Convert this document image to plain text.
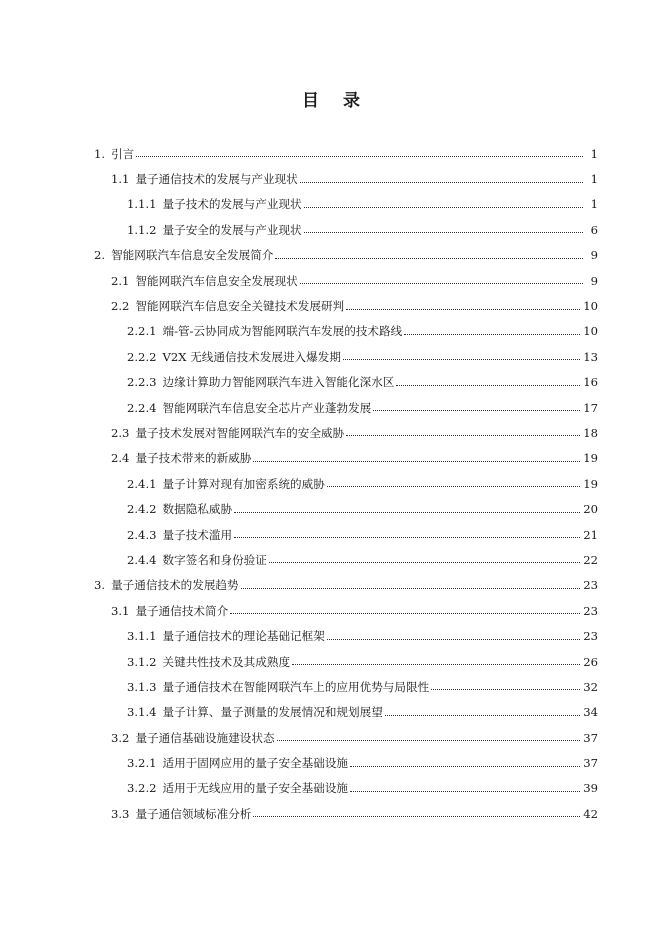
目 录
1. 引言	1
1.1 量子通信技术的发展与产业现状	1
1.1.1 量子技术的发展与产业现状	1
1.1.2 量子安全的发展与产业现状	6
2. 智能网联汽车信息安全发展简介	9
2.1 智能网联汽车信息安全发展现状	9
2.2 智能网联汽车信息安全关键技术发展研判	10
2.2.1 端-管-云协同成为智能网联汽车发展的技术路线	10
2.2.2 V2X 无线通信技术发展进入爆发期	13
2.2.3 边缘计算助力智能网联汽车进入智能化深水区	16
2.2.4 智能网联汽车信息安全芯片产业蓬勃发展	17
2.3 量子技术发展对智能网联汽车的安全威胁	18
2.4 量子技术带来的新威胁	19
2.4.1 量子计算对现有加密系统的威胁	19
2.4.2 数据隐私威胁	20
2.4.3 量子技术滥用	21
2.4.4 数字签名和身份验证	22
3. 量子通信技术的发展趋势	23
3.1 量子通信技术简介	23
3.1.1 量子通信技术的理论基础记框架	23
3.1.2 关键共性技术及其成熟度	26
3.1.3 量子通信技术在智能网联汽车上的应用优势与局限性	32
3.1.4 量子计算、量子测量的发展情况和规划展望	34
3.2 量子通信基础设施建设状态	37
3.2.1 适用于固网应用的量子安全基础设施	37
3.2.2 适用于无线应用的量子安全基础设施	39
3.3 量子通信领域标准分析	42
